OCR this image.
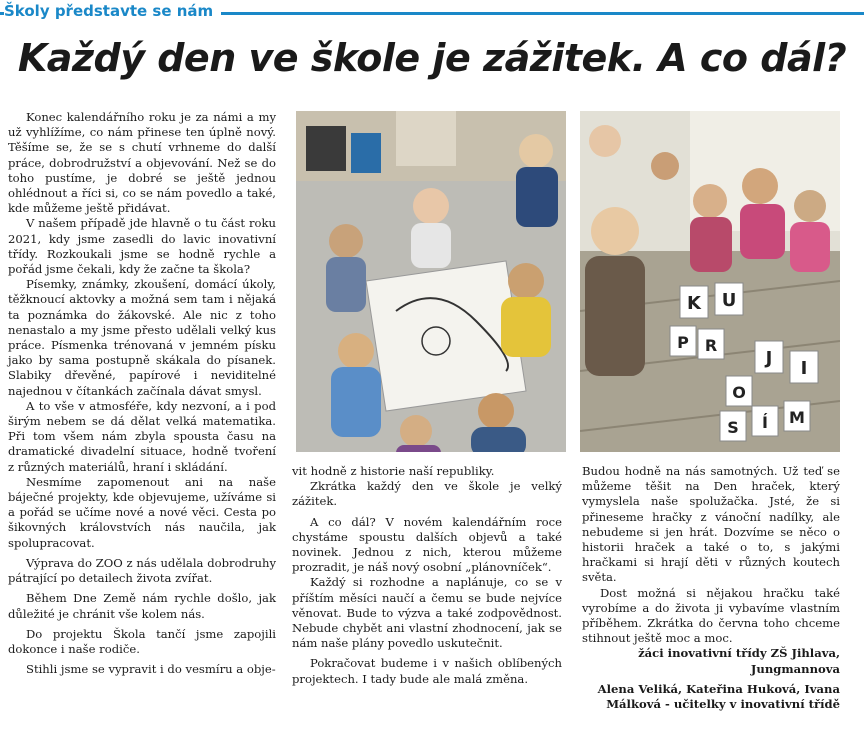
Školy představte se nám
Každý den ve škole je zážitek. A co dál?

Konec kalendářního roku je za námi a my už vyhlížíme, co nám přinese ten úplně nový. Těšíme se, že se s chutí vrhneme do další práce, dobrodružství a objevování. Než se do toho pustíme, je dobré se ještě jednou ohlédnout a říci si, co se nám povedlo a také, kde můžeme ještě přidávat.

V našem případě jde hlavně o tu část roku 2021, kdy jsme zasedli do lavic inovativní třídy. Rozkoukali jsme se hodně rychle a pořád jsme čekali, kdy že začne ta škola?

Písemky, známky, zkoušení, domácí úkoly, těžknoucí aktovky a možná sem tam i nějaká ta poznámka do žákovské. Ale nic z toho nenastalo a my jsme přesto udělali velký kus práce. Písmenka trénovaná v jemném písku jako by sama postupně skákala do písanek. Slabiky dřevěné, papírové i neviditelné najednou v čítankách začínala dávat smysl.

A to vše v atmosféře, kdy nezvoní, a i pod širým nebem se dá dělat velká matematika. Při tom všem nám zbyla spousta času na dramatické divadelní situace, hodně tvoření z různých materiálů, hraní i skládání.

Nesmíme zapomenout ani na naše báječné projekty, kde objevujeme, užíváme si a pořád se učíme nové a nové věci. Cesta po šikovných královstvích nás naučila, jak spolupracovat.

Výprava do ZOO z nás udělala dobrodruhy pátrající po detailech života zvířat.

Během Dne Země nám rychle došlo, jak důležité je chránit vše kolem nás.

Do projektu Škola tančí jsme zapojili dokonce i naše rodiče.

Stihli jsme se vypravit i do vesmíru a obje-

K U
J I
P R
O
S Í M

vit hodně z historie naší republiky.

Zkrátka každý den ve škole je velký zážitek.

A co dál? V novém kalendářním roce chystáme spoustu dalších objevů a také novinek. Jednou z nich, kterou můžeme prozradit, je náš nový osobní „plánovníček“.

Každý si rozhodne a naplánuje, co se v příštím měsíci naučí a čemu se bude nejvíce věnovat. Bude to výzva a také zodpovědnost. Nebude chybět ani vlastní zhodnocení, jak se nám naše plány povedlo uskutečnit.

Pokračovat budeme i v našich oblíbených projektech. I tady bude ale malá změna.

Budou hodně na nás samotných. Už teď se můžeme těšit na Den hraček, který vymyslela naše spolužačka. Jsté, že si přineseme hračky z vánoční nadílky, ale nebudeme si jen hrát. Dozvíme se něco o historii hraček a také o to, s jakými hračkami si hrají děti v různých koutech světa.

Dost možná si nějakou hračku také vyrobíme a do života ji vybavíme vlastním příběhem. Zkrátka do června toho chceme stihnout ještě moc a moc.

žáci inovativní třídy ZŠ Jihlava, Jungmannova

Alena Veliká, Kateřina Huková, Ivana Málková - učitelky v inovativní třídě
